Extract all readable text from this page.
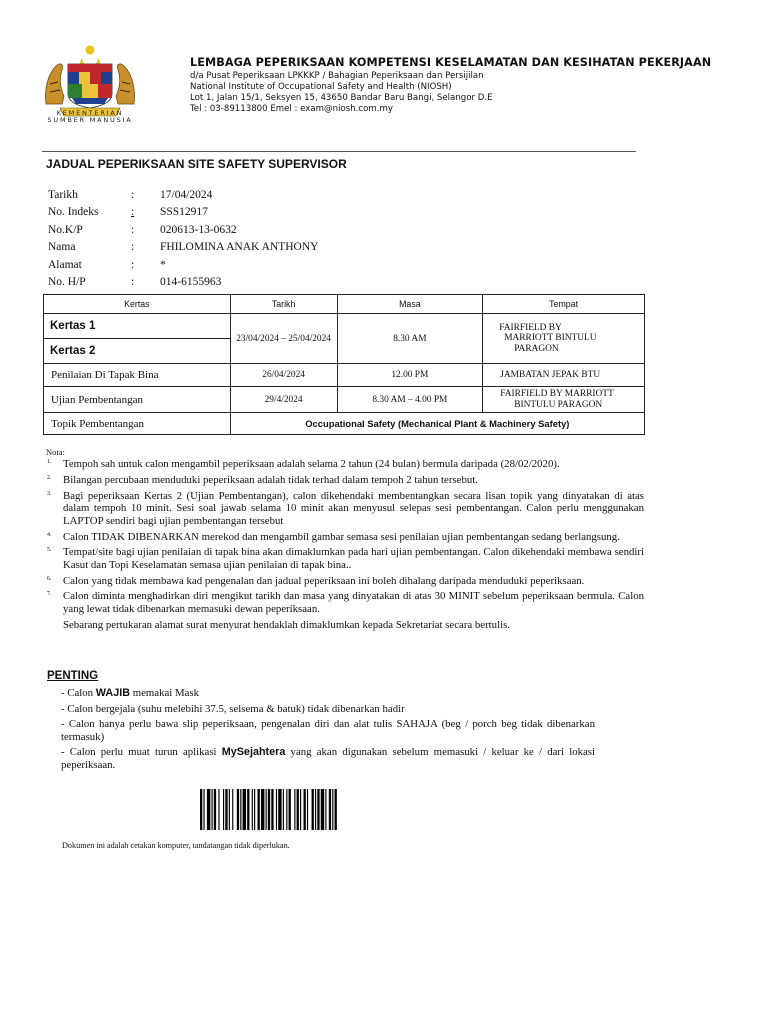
KEMENTERIAN SUMBER MANUSIA
LEMBAGA PEPERIKSAAN KOMPETENSI KESELAMATAN DAN KESIHATAN PEKERJAAN
d/a Pusat Peperiksaan LPKKKP / Bahagian Peperiksaan dan Persijilan
National Institute of Occupational Safety and Health (NIOSH)
Lot 1, Jalan 15/1, Seksyen 15, 43650 Bandar Baru Bangi, Selangor D.E
Tel : 03-89113800 Emel : exam@niosh.com.my
JADUAL PEPERIKSAAN SITE SAFETY SUPERVISOR
Tarikh	:	17/04/2024
No. Indeks	:	SSS12917
No.K/P	:	020613-13-0632
Nama	:	FHILOMINA ANAK ANTHONY
Alamat	:	*
No. H/P	:	014-6155963
Kertas	Tarikh	Masa	Tempat
Kertas 1	23/04/2024 – 25/04/2024	8.30 AM	FAIRFIELD BY
MARRIOTT BINTULU
PARAGON

Kertas 2			
Penilaian Di Tapak Bina	26/04/2024	12.00 PM	JAMBATAN JEPAK BTU
Ujian Pembentangan	29/4/2024	8.30 AM – 4.00 PM	FAIRFIELD BY MARRIOTT
BINTULU PARAGON

Topik Pembentangan	Occupational Safety (Mechanical Plant & Machinery Safety)		
Nota:
1. Tempoh sah untuk calon mengambil peperiksaan adalah selama 2 tahun (24 bulan) bermula daripada (28/02/2020).
2. Bilangan percubaan menduduki peperiksaan adalah tidak terhad dalam tempoh 2 tahun tersebut.
3. Bagi peperiksaan Kertas 2 (Ujian Pembentangan), calon dikehendaki membentangkan secara lisan topik yang dinyatakan di atas dalam tempoh 10 minit. Sesi soal jawab selama 10 minit akan menyusul selepas sesi pembentangan. Calon perlu menggunakan LAPTOP sendiri bagi ujian pembentangan tersebut
4. Calon TIDAK DIBENARKAN merekod dan mengambil gambar semasa sesi penilaian ujian pembentangan sedang berlangsung.
5. Tempat/site bagi ujian penilaian di tapak bina akan dimaklumkan pada hari ujian pembentangan. Calon dikehendaki membawa sendiri Kasut dan Topi Keselamatan semasa ujian penilaian di tapak bina..
6. Calon yang tidak membawa kad pengenalan dan jadual peperiksaan ini boleh dihalang daripada menduduki peperiksaan.
7. Calon diminta menghadirkan diri mengikut tarikh dan masa yang dinyatakan di atas 30 MINIT sebelum peperiksaan bermula. Calon yang lewat tidak dibenarkan memasuki dewan peperiksaan.
Sebarang pertukaran alamat surat menyurat hendaklah dimaklumkan kepada Sekretariat secara bertulis.
PENTING
- Calon WAJIB memakai Mask
- Calon bergejala (suhu melebihi 37.5, selsema & batuk) tidak dibenarkan hadir
- Calon hanya perlu bawa slip peperiksaan, pengenalan diri dan alat tulis SAHAJA (beg / porch beg tidak dibenarkan termasuk)
- Calon perlu muat turun aplikasi MySejahtera yang akan digunakan sebelum memasuki / keluar ke / dari lokasi peperiksaan.
Dokumen ini adalah cetakan komputer, tandatangan tidak diperlukan.
